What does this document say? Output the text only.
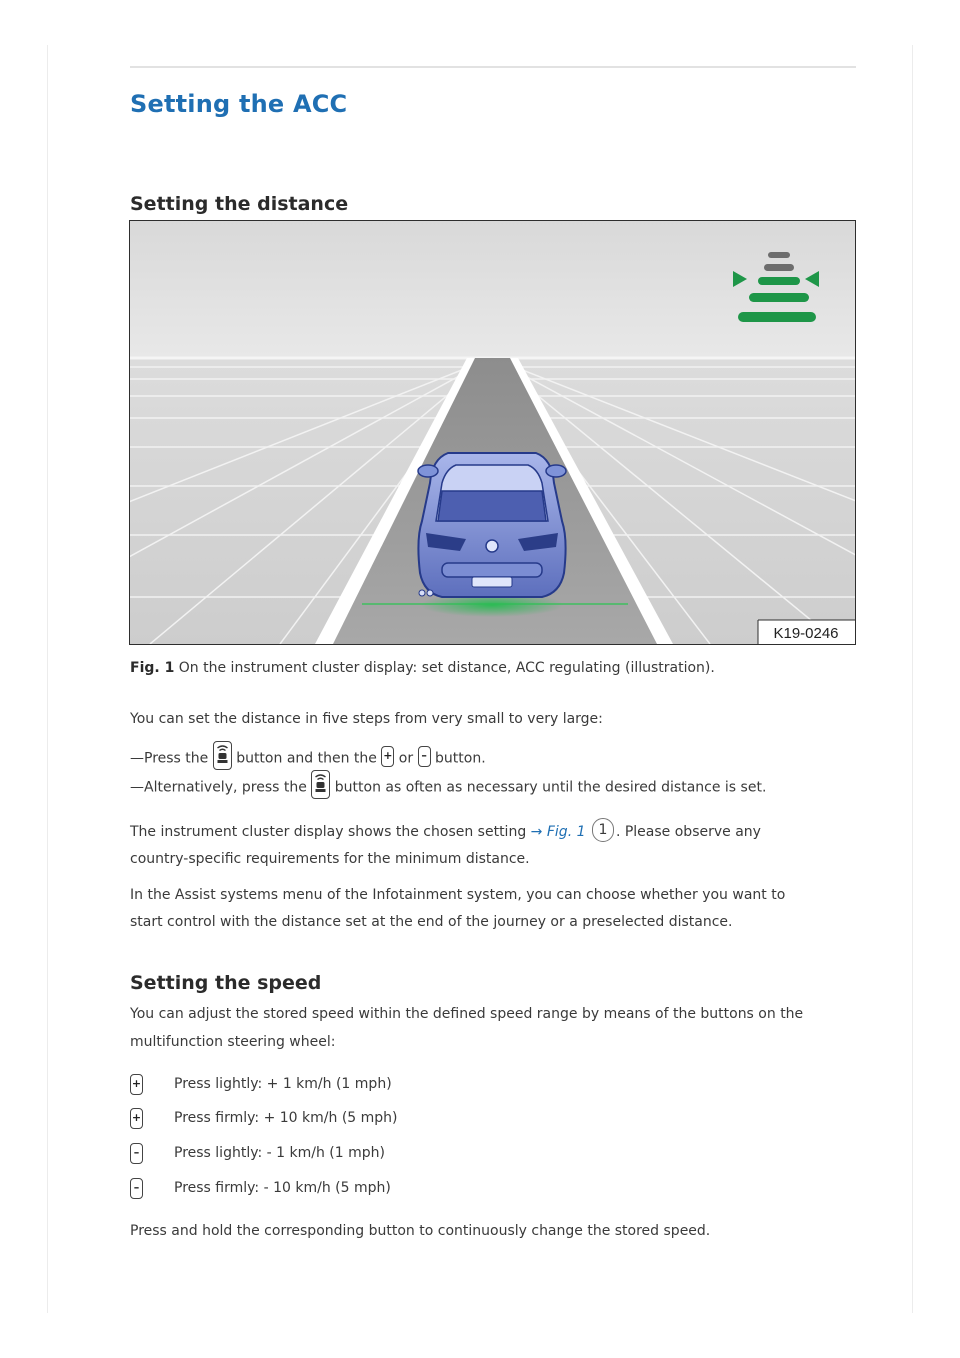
Setting the ACC
Setting the distance
K19-0246
Fig. 1 On the instrument cluster display: set distance, ACC regulating (illustration).
You can set the distance in five steps from very small to very large:
—Press the button and then the + or – button.
—Alternatively, press the button as often as necessary until the desired distance is set.
The instrument cluster display shows the chosen setting → Fig. 1 1 . Please observe any
country-specific requirements for the minimum distance.
In the Assist systems menu of the Infotainment system, you can choose whether you want to
start control with the distance set at the end of the journey or a preselected distance.
Setting the speed
You can adjust the stored speed within the defined speed range by means of the buttons on the
multifunction steering wheel:
+ Press lightly: + 1 km/h (1 mph)
+ Press firmly: + 10 km/h (5 mph)
– Press lightly: - 1 km/h (1 mph)
– Press firmly: - 10 km/h (5 mph)
Press and hold the corresponding button to continuously change the stored speed.
